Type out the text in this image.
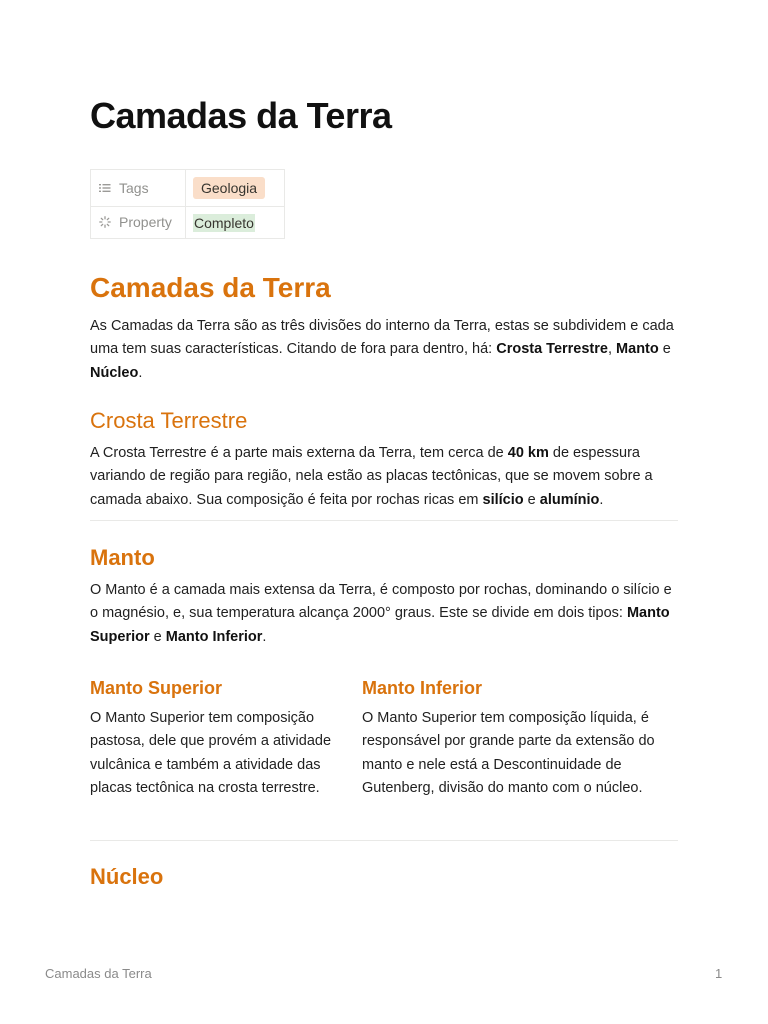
Camadas da Terra
Tags	Geologia
Property	Completo
Camadas da Terra

As Camadas da Terra são as três divisões do interno da Terra, estas se subdividem e cada uma tem suas características. Citando de fora para dentro, há: Crosta Terrestre, Manto e Núcleo.

Crosta Terrestre

A Crosta Terrestre é a parte mais externa da Terra, tem cerca de 40 km de espessura variando de região para região, nela estão as placas tectônicas, que se movem sobre a camada abaixo. Sua composição é feita por rochas ricas em silício e alumínio.

Manto

O Manto é a camada mais extensa da Terra, é composto por rochas, dominando o silício e o magnésio, e, sua temperatura alcança 2000° graus. Este se divide em dois tipos: Manto Superior e Manto Inferior.

Manto Superior

O Manto Superior tem composição pastosa, dele que provém a atividade vulcânica e também a atividade das placas tectônica na crosta terrestre.

Manto Inferior

O Manto Superior tem composição líquida, é responsável por grande parte da extensão do manto e nele está a Descontinuidade de Gutenberg, divisão do manto com o núcleo.

Núcleo
Camadas da Terra	1
